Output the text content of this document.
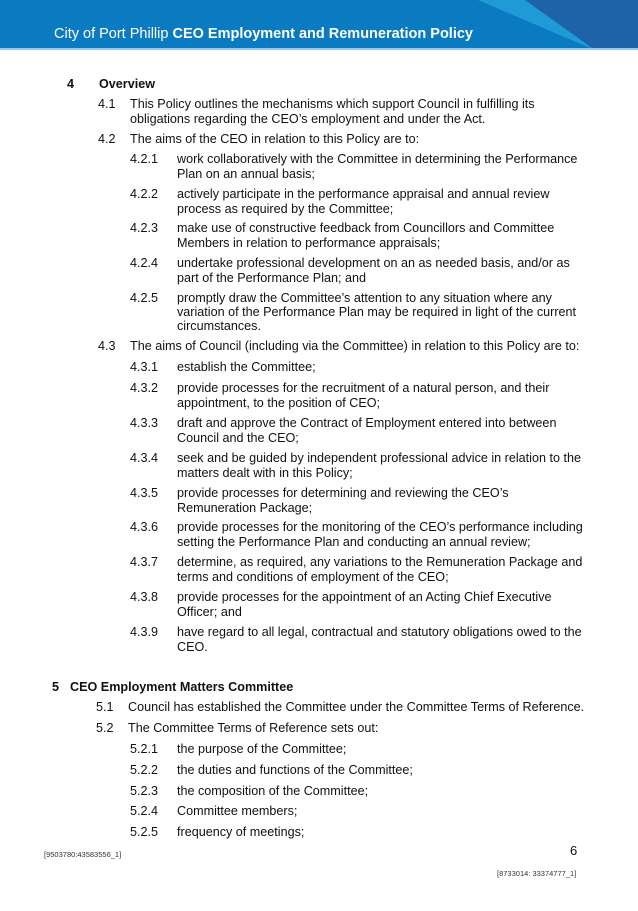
City of Port Phillip CEO Employment and Remuneration Policy
4 Overview
4.1 This Policy outlines the mechanisms which support Council in fulfilling its
obligations regarding the CEO’s employment and under the Act.
4.2 The aims of the CEO in relation to this Policy are to:
4.2.1 work collaboratively with the Committee in determining the Performance
Plan on an annual basis;
4.2.2 actively participate in the performance appraisal and annual review
process as required by the Committee;
4.2.3 make use of constructive feedback from Councillors and Committee
Members in relation to performance appraisals;
4.2.4 undertake professional development on an as needed basis, and/or as
part of the Performance Plan; and
4.2.5 promptly draw the Committee’s attention to any situation where any
variation of the Performance Plan may be required in light of the current
circumstances.
4.3 The aims of Council (including via the Committee) in relation to this Policy are to:
4.3.1 establish the Committee;
4.3.2 provide processes for the recruitment of a natural person, and their
appointment, to the position of CEO;
4.3.3 draft and approve the Contract of Employment entered into between
Council and the CEO;
4.3.4 seek and be guided by independent professional advice in relation to the
matters dealt with in this Policy;
4.3.5 provide processes for determining and reviewing the CEO’s
Remuneration Package;
4.3.6 provide processes for the monitoring of the CEO’s performance including
setting the Performance Plan and conducting an annual review;
4.3.7 determine, as required, any variations to the Remuneration Package and
terms and conditions of employment of the CEO;
4.3.8 provide processes for the appointment of an Acting Chief Executive
Officer; and
4.3.9 have regard to all legal, contractual and statutory obligations owed to the
CEO.
5 CEO Employment Matters Committee
5.1 Council has established the Committee under the Committee Terms of Reference.
5.2 The Committee Terms of Reference sets out:
5.2.1 the purpose of the Committee;
5.2.2 the duties and functions of the Committee;
5.2.3 the composition of the Committee;
5.2.4 Committee members;
5.2.5 frequency of meetings;
[9503780:43583556_1]	6
[8733014: 33374777_1]
